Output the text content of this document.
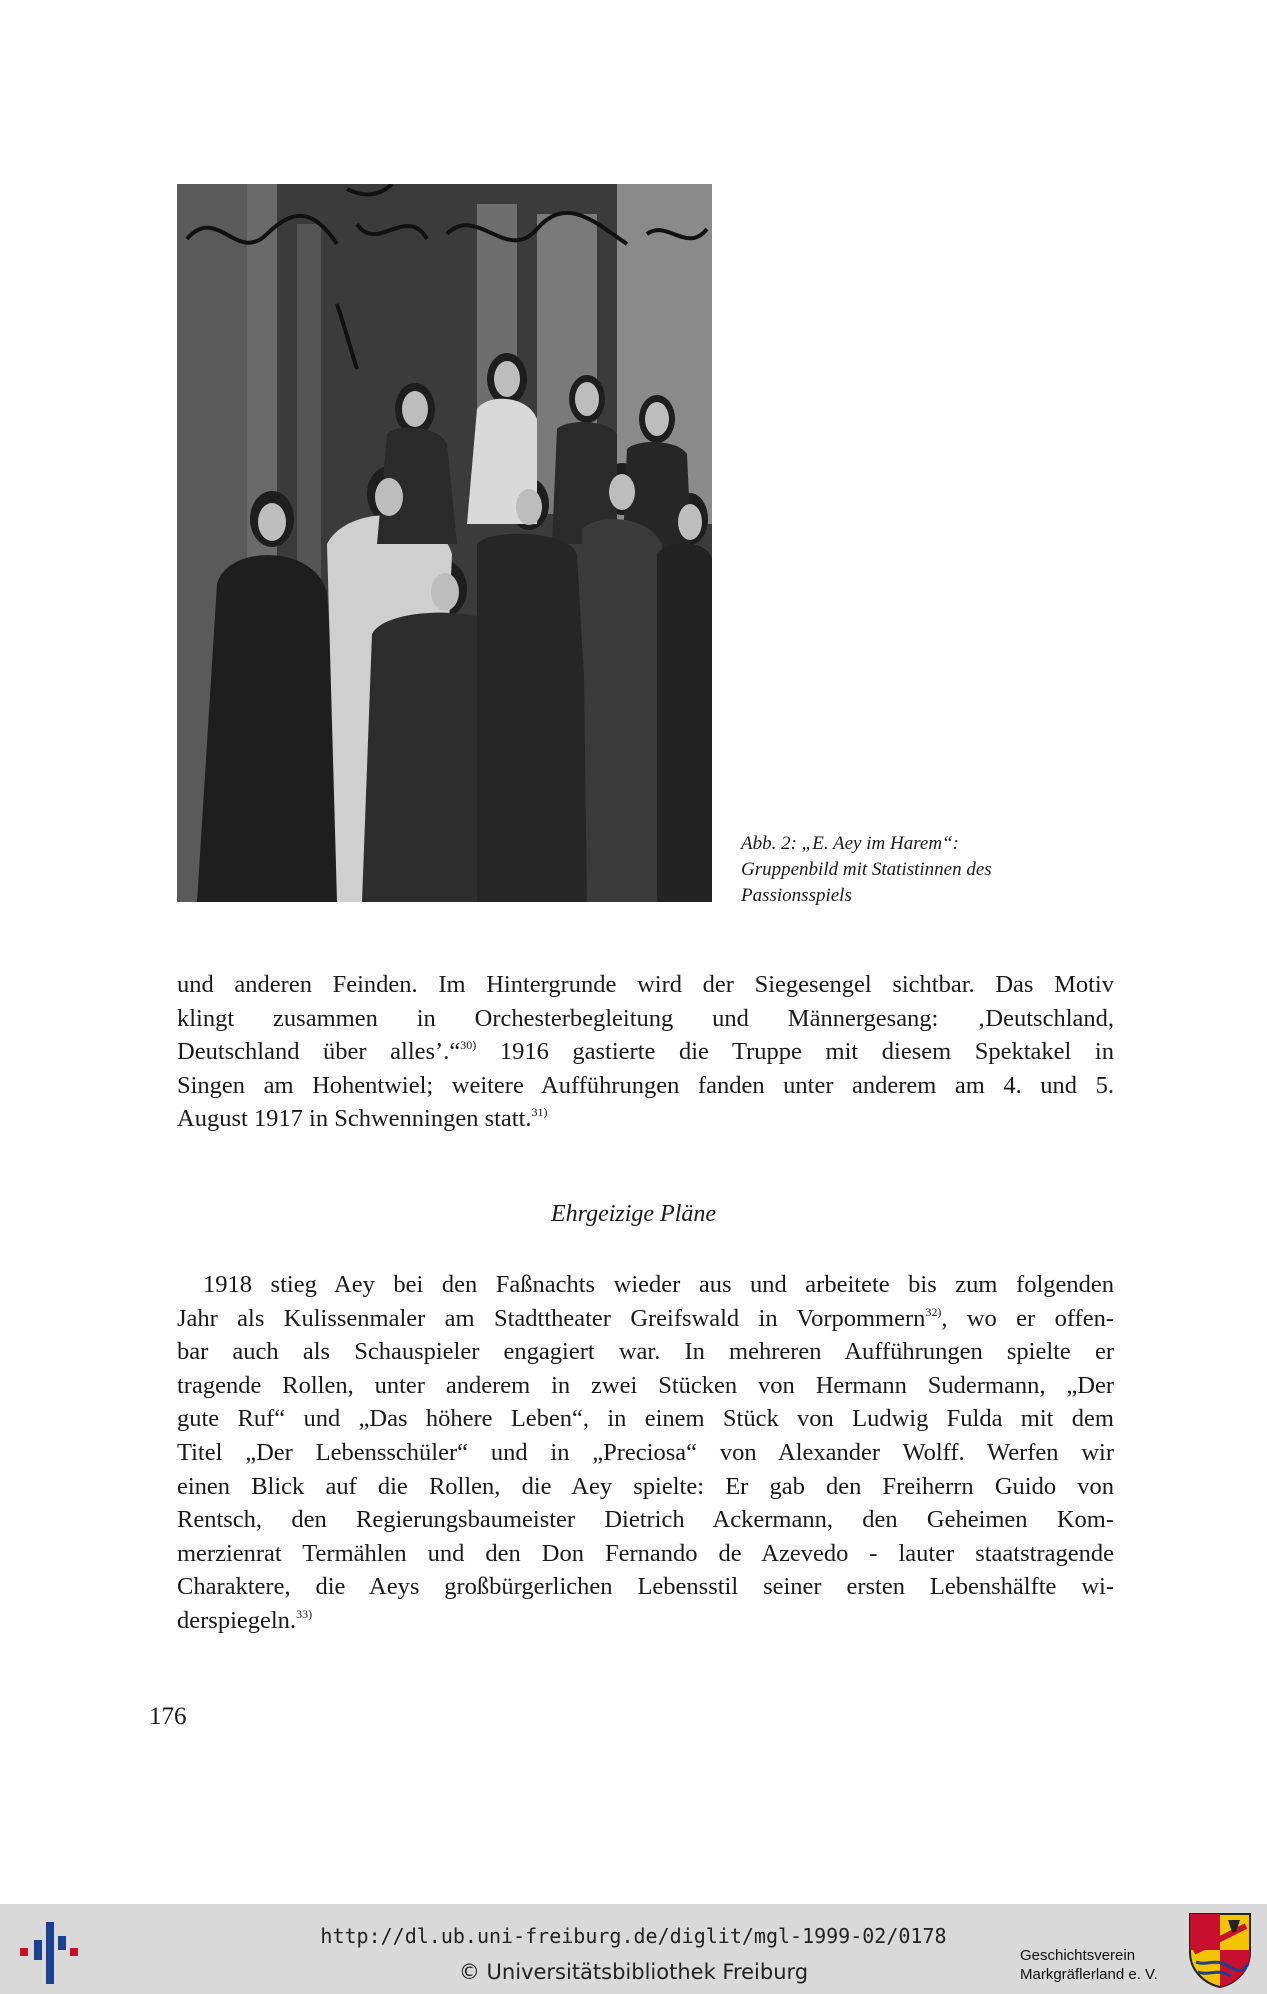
Abb. 2: „E. Aey im Harem“:
Gruppenbild mit Statistinnen des
Passionsspiels
und anderen Feinden. Im Hintergrunde wird der Siegesengel sichtbar. Das Motiv
klingt zusammen in Orchesterbegleitung und Männergesang: ‚Deutschland,
Deutschland über alles’.“$^{30)}$ 1916 gastierte die Truppe mit diesem Spektakel in
Singen am Hohentwiel; weitere Aufführungen fanden unter anderem am 4. und 5.
August 1917 in Schwenningen statt.$^{31)}$
Ehrgeizige Pläne
1918 stieg Aey bei den Faßnachts wieder aus und arbeitete bis zum folgenden
Jahr als Kulissenmaler am Stadttheater Greifswald in Vorpommern$^{32)}$, wo er offen-
bar auch als Schauspieler engagiert war. In mehreren Aufführungen spielte er
tragende Rollen, unter anderem in zwei Stücken von Hermann Sudermann, „Der
gute Ruf“ und „Das höhere Leben“, in einem Stück von Ludwig Fulda mit dem
Titel „Der Lebensschüler“ und in „Preciosa“ von Alexander Wolff. Werfen wir
einen Blick auf die Rollen, die Aey spielte: Er gab den Freiherrn Guido von
Rentsch, den Regierungsbaumeister Dietrich Ackermann, den Geheimen Kom-
merzienrat Termählen und den Don Fernando de Azevedo - lauter staatstragende
Charaktere, die Aeys großbürgerlichen Lebensstil seiner ersten Lebenshälfte wi-
derspiegeln.$^{33)}$
176
http://dl.ub.uni-freiburg.de/diglit/mgl-1999-02/0178
© Universitätsbibliothek Freiburg
Geschichtsverein
Markgräflerland e. V.
